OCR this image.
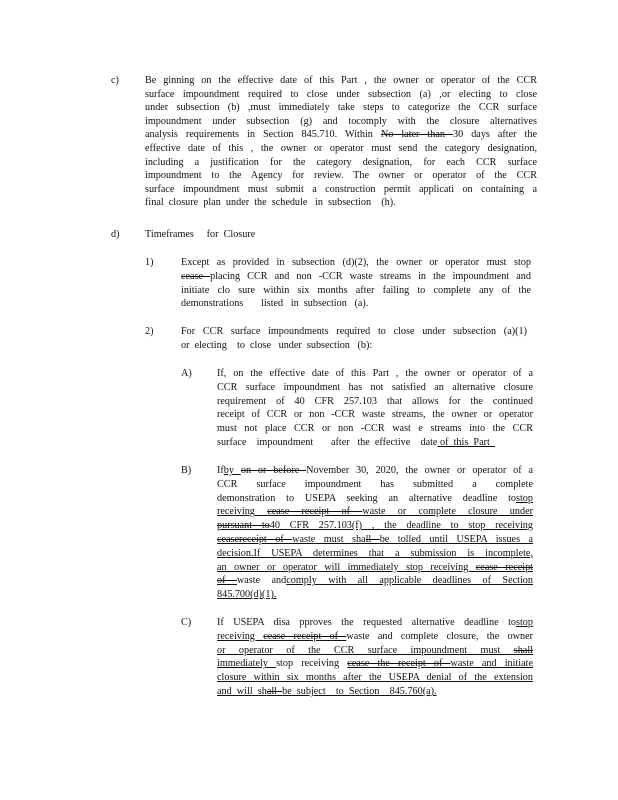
c)	Be ginning on the effective date of this Part , the owner or operator of the CCR
surface impoundment required to close under subsection (a) ,or electing to close
under subsection (b) ,must immediately take steps to categorize the CCR surface
impoundment under subsection (g) and tocomply with the closure alternatives
analysis requirements in Section 845.710. Within No later than 30 days after the
effective date of this , the owner or operator must send the category designation,
including a justification for the category designation, for each CCR surface
impoundment to the Agency for review. The owner or operator of the CCR
surface impoundment must submit a construction permit applicati on containing a
final  closure  plan  under  the  schedule   in  subsection    (h).
d)	Timeframes     for  Closure
1)	Except as provided in subsection (d)(2), the owner or operator must stop
cease placing CCR and non -CCR waste streams in the impoundment and
initiate clo sure within six months after failing to complete any of the
demonstrations       listed   in  subsection   (a).
2)	For CCR surface impoundments required to close under subsection (a)(1)
or  electing    to  close   under  subsection   (b):
A) If, on the effective date of this Part , the owner or operator of a
CCR surface impoundment has not satisfied an alternative closure
requirement of 40 CFR 257.103 that allows for the continued
receipt of CCR or non -CCR waste streams, the owner or operator
must not place CCR or non -CCR wast e streams into the CCR
surface    impoundment       after   the  effective    date of  this  Part
B)	Ifby on or before November 30, 2020, the owner or operator of a
CCR surface impoundment has submitted a complete
demonstration to USEPA seeking an alternative deadline tostop
receiving cease receipt of waste or complete closure under
pursuant to40 CFR 257.103(f) , the deadline to stop receiving
ceasereceipt of waste must shall be tolled until USEPA issues a
decision.If USEPA determines that a submission is incomplete,
an owner or operator will immediately stop receiving cease receipt
of waste andcomply with all applicable deadlines of Section
845.700(d)(1).
C)	If USEPA disa pproves the requested alternative deadline tostop
receiving cease receipt of waste and complete closure, the owner
or operator of the CCR surface impoundment must shall
immediately stop receiving cease the receipt of waste and initiate
closure within six months after the USEPA denial of the extension
and  will  shall  be  subject    to  Section    845.760(a).
